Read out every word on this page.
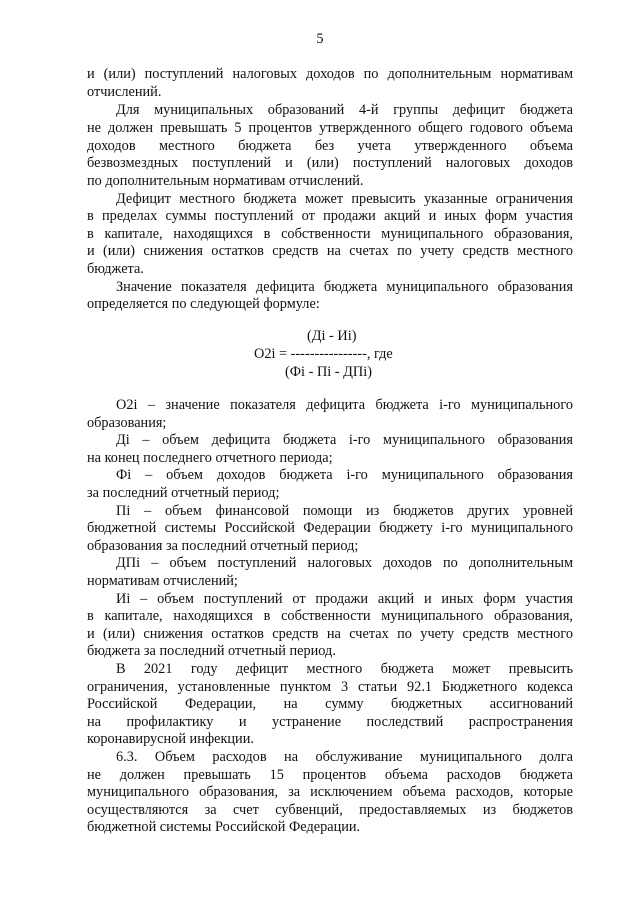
5
и (или) поступлений налоговых доходов по дополнительным нормативам
отчислений.
Для муниципальных образований 4-й группы дефицит бюджета
не должен превышать 5 процентов утвержденного общего годового объема
доходов местного бюджета без учета утвержденного объема
безвозмездных поступлений и (или) поступлений налоговых доходов
по дополнительным нормативам отчислений.
Дефицит местного бюджета может превысить указанные ограничения
в пределах суммы поступлений от продажи акций и иных форм участия
в капитале, находящихся в собственности муниципального образования,
и (или) снижения остатков средств на счетах по учету средств местного
бюджета.
Значение показателя дефицита бюджета муниципального образования
определяется по следующей формуле:
(Дi - Иi)
O2i = ----------------, где
(Фi - Пi - ДПi)
O2i – значение показателя дефицита бюджета i-го муниципального
образования;
Дi – объем дефицита бюджета i-го муниципального образования
на конец последнего отчетного периода;
Фi – объем доходов бюджета i-го муниципального образования
за последний отчетный период;
Пi – объем финансовой помощи из бюджетов других уровней
бюджетной системы Российской Федерации бюджету i-го муниципального
образования за последний отчетный период;
ДПi – объем поступлений налоговых доходов по дополнительным
нормативам отчислений;
Иi – объем поступлений от продажи акций и иных форм участия
в капитале, находящихся в собственности муниципального образования,
и (или) снижения остатков средств на счетах по учету средств местного
бюджета за последний отчетный период.
В 2021 году дефицит местного бюджета может превысить
ограничения, установленные пунктом 3 статьи 92.1 Бюджетного кодекса
Российской Федерации, на сумму бюджетных ассигнований
на профилактику и устранение последствий распространения
коронавирусной инфекции.
6.3. Объем расходов на обслуживание муниципального долга
не должен превышать 15 процентов объема расходов бюджета
муниципального образования, за исключением объема расходов, которые
осуществляются за счет субвенций, предоставляемых из бюджетов
бюджетной системы Российской Федерации.
